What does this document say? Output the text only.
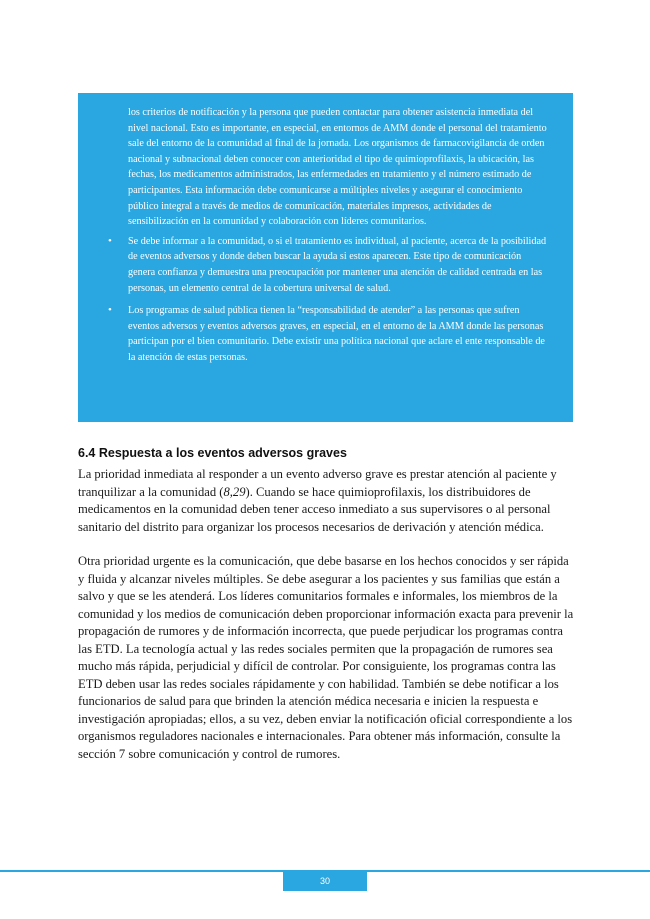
los criterios de notificación y la persona que pueden contactar para obtener asistencia inmediata del nivel nacional. Esto es importante, en especial, en entornos de AMM donde el personal del tratamiento sale del entorno de la comunidad al final de la jornada. Los organismos de farmacovigilancia de orden nacional y subnacional deben conocer con anterioridad el tipo de quimioprofilaxis, la ubicación, las fechas, los medicamentos administrados, las enfermedades en tratamiento y el número estimado de participantes. Esta información debe comunicarse a múltiples niveles y asegurar el conocimiento público integral a través de medios de comunicación, materiales impresos, actividades de sensibilización en la comunidad y colaboración con líderes comunitarios.

• Se debe informar a la comunidad, o si el tratamiento es individual, al paciente, acerca de la posibilidad de eventos adversos y donde deben buscar la ayuda si estos aparecen. Este tipo de comunicación genera confianza y demuestra una preocupación por mantener una atención de calidad centrada en las personas, un elemento central de la cobertura universal de salud.
• Los programas de salud pública tienen la “responsabilidad de atender” a las personas que sufren eventos adversos y eventos adversos graves, en especial, en el entorno de la AMM donde las personas participan por el bien comunitario. Debe existir una política nacional que aclare el ente responsable de la atención de estas personas.
6.4 Respuesta a los eventos adversos graves

La prioridad inmediata al responder a un evento adverso grave es prestar atención al paciente y tranquilizar a la comunidad (8,29). Cuando se hace quimioprofilaxis, los distribuidores de medicamentos en la comunidad deben tener acceso inmediato a sus supervisores o al personal sanitario del distrito para organizar los procesos necesarios de derivación y atención médica.

Otra prioridad urgente es la comunicación, que debe basarse en los hechos conocidos y ser rápida y fluida y alcanzar niveles múltiples. Se debe asegurar a los pacientes y sus familias que están a salvo y que se les atenderá. Los líderes comunitarios formales e informales, los miembros de la comunidad y los medios de comunicación deben proporcionar información exacta para prevenir la propagación de rumores y de información incorrecta, que puede perjudicar los programas contra las ETD. La tecnología actual y las redes sociales permiten que la propagación de rumores sea mucho más rápida, perjudicial y difícil de controlar. Por consiguiente, los programas contra las ETD deben usar las redes sociales rápidamente y con habilidad. También se debe notificar a los funcionarios de salud para que brinden la atención médica necesaria e inicien la respuesta e investigación apropiadas; ellos, a su vez, deben enviar la notificación oficial correspondiente a los organismos reguladores nacionales e internacionales. Para obtener más información, consulte la sección 7 sobre comunicación y control de rumores.

30
